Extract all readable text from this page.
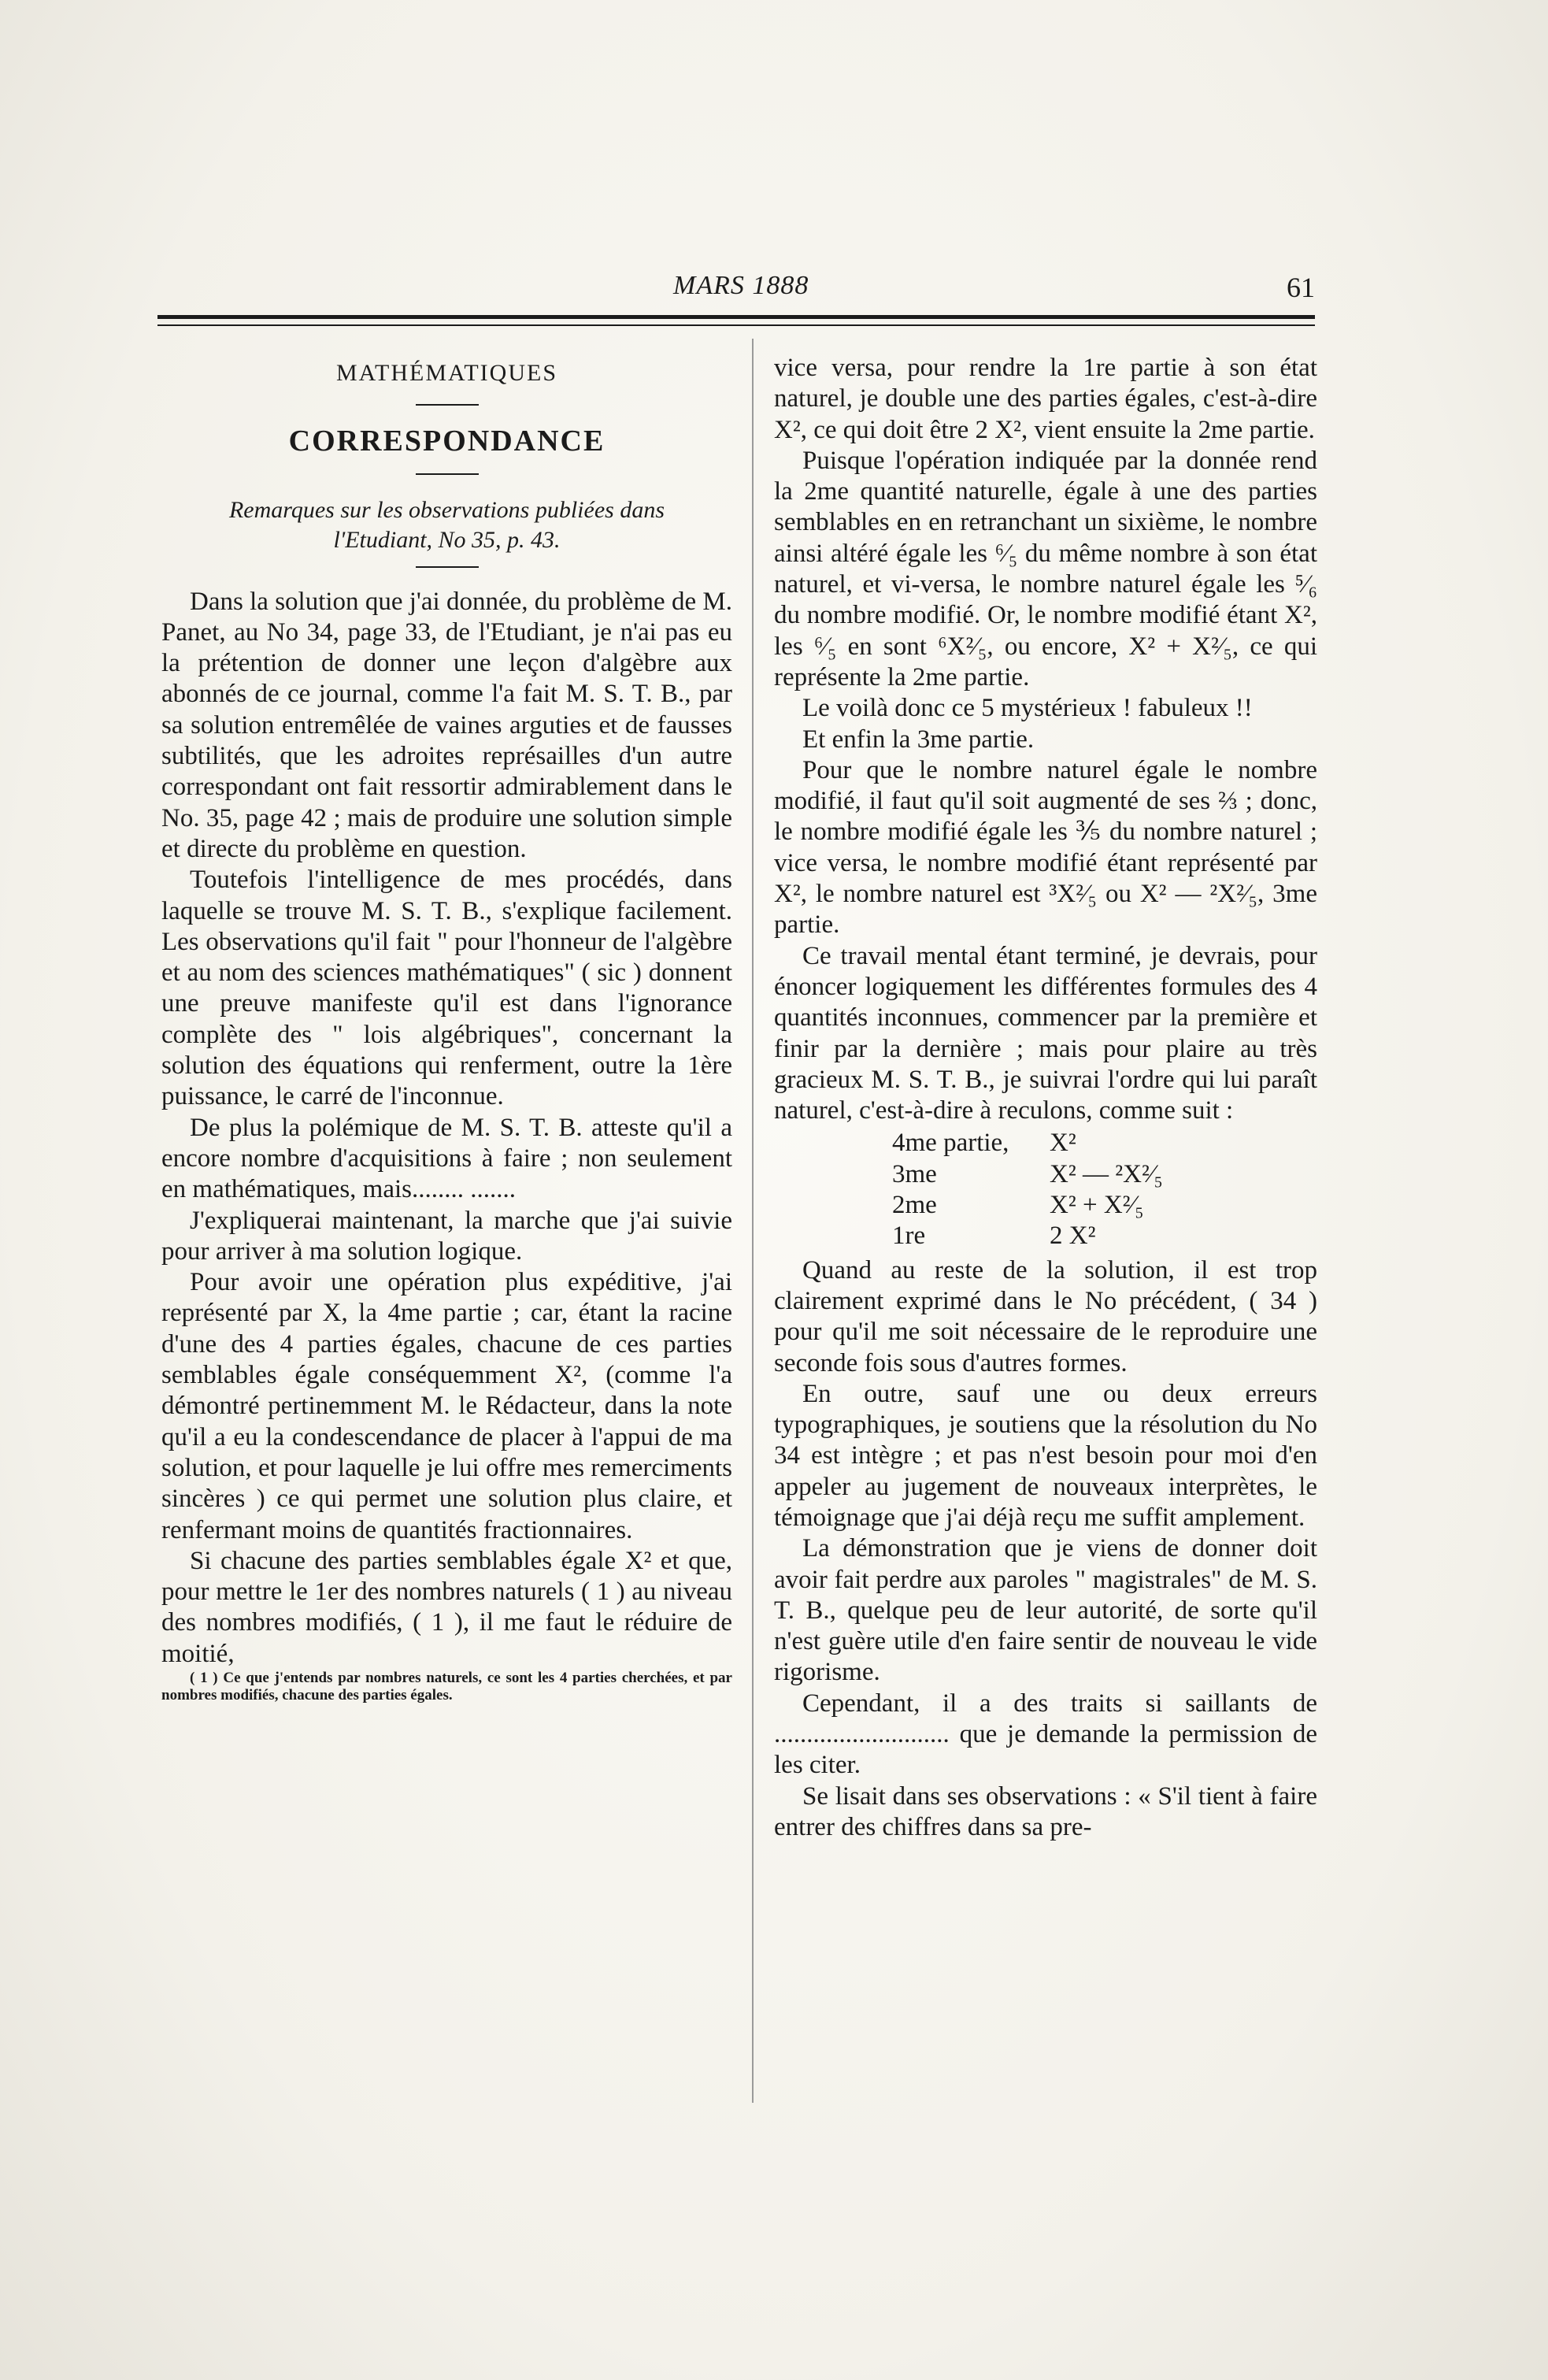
MARS 1888	61
MATHÉMATIQUES
CORRESPONDANCE
Remarques sur les observations publiées dans
l'Etudiant, No 35, p. 43.

Dans la solution que j'ai donnée, du problème de M. Panet, au No 34, page 33, de l'Etudiant, je n'ai pas eu la prétention de donner une leçon d'algèbre aux abonnés de ce journal, comme l'a fait M. S. T. B., par sa solution entremêlée de vaines arguties et de fausses subtilités, que les adroites représailles d'un autre correspondant ont fait ressortir admirablement dans le No. 35, page 42 ; mais de produire une solution simple et directe du problème en question.

Toutefois l'intelligence de mes procédés, dans laquelle se trouve M. S. T. B., s'explique facilement. Les observations qu'il fait " pour l'honneur de l'algèbre et au nom des sciences mathématiques" ( sic ) donnent une preuve manifeste qu'il est dans l'ignorance complète des " lois algébriques", concernant la solution des équations qui renferment, outre la 1ère puissance, le carré de l'inconnue.

De plus la polémique de M. S. T. B. atteste qu'il a encore nombre d'acquisitions à faire ; non seulement en mathématiques, mais........ .......

J'expliquerai maintenant, la marche que j'ai suivie pour arriver à ma solution logique.

Pour avoir une opération plus expéditive, j'ai représenté par X, la 4me partie ; car, étant la racine d'une des 4 parties égales, chacune de ces parties semblables égale conséquemment X², (comme l'a démontré pertinemment M. le Rédacteur, dans la note qu'il a eu la condescendance de placer à l'appui de ma solution, et pour laquelle je lui offre mes remerciments sincères ) ce qui permet une solution plus claire, et renfermant moins de quantités fractionnaires.

Si chacune des parties semblables égale X² et que, pour mettre le 1er des nombres naturels ( 1 ) au niveau des nombres modifiés, ( 1 ), il me faut le réduire de moitié,

( 1 ) Ce que j'entends par nombres naturels, ce sont les 4 parties cherchées, et par nombres modifiés, chacune des parties égales.

vice versa, pour rendre la 1re partie à son état naturel, je double une des parties égales, c'est-à-dire X², ce qui doit être 2 X², vient ensuite la 2me partie.

Puisque l'opération indiquée par la donnée rend la 2me quantité naturelle, égale à une des parties semblables en en retranchant un sixième, le nombre ainsi altéré égale les ⁶⁄₅ du même nombre à son état naturel, et vi-versa, le nombre naturel égale les ⁵⁄₆ du nombre modifié. Or, le nombre modifié étant X², les ⁶⁄₅ en sont ⁶X²⁄₅, ou encore, X² + X²⁄₅, ce qui représente la 2me partie.

Le voilà donc ce 5 mystérieux ! fabuleux !!

Et enfin la 3me partie.

Pour que le nombre naturel égale le nombre modifié, il faut qu'il soit augmenté de ses ⅔ ; donc, le nombre modifié égale les ⅗ du nombre naturel ; vice versa, le nombre modifié étant représenté par X², le nombre naturel est ³X²⁄₅ ou X² — ²X²⁄₅, 3me partie.

Ce travail mental étant terminé, je devrais, pour énoncer logiquement les différentes formules des 4 quantités inconnues, commencer par la première et finir par la dernière ; mais pour plaire au très gracieux M. S. T. B., je suivrai l'ordre qui lui paraît naturel, c'est-à-dire à reculons, comme suit :

4me partie,	X²
3me	X² — ²X²⁄₅
2me	X² + X²⁄₅
1re	2 X²

Quand au reste de la solution, il est trop clairement exprimé dans le No précédent, ( 34 ) pour qu'il me soit nécessaire de le reproduire une seconde fois sous d'autres formes.

En outre, sauf une ou deux erreurs typographiques, je soutiens que la résolution du No 34 est intègre ; et pas n'est besoin pour moi d'en appeler au jugement de nouveaux interprètes, le témoignage que j'ai déjà reçu me suffit amplement.

La démonstration que je viens de donner doit avoir fait perdre aux paroles " magistrales" de M. S. T. B., quelque peu de leur autorité, de sorte qu'il n'est guère utile d'en faire sentir de nouveau le vide rigorisme.

Cependant, il a des traits si saillants de ........................... que je demande la permission de les citer.

Se lisait dans ses observations : « S'il tient à faire entrer des chiffres dans sa pre-
